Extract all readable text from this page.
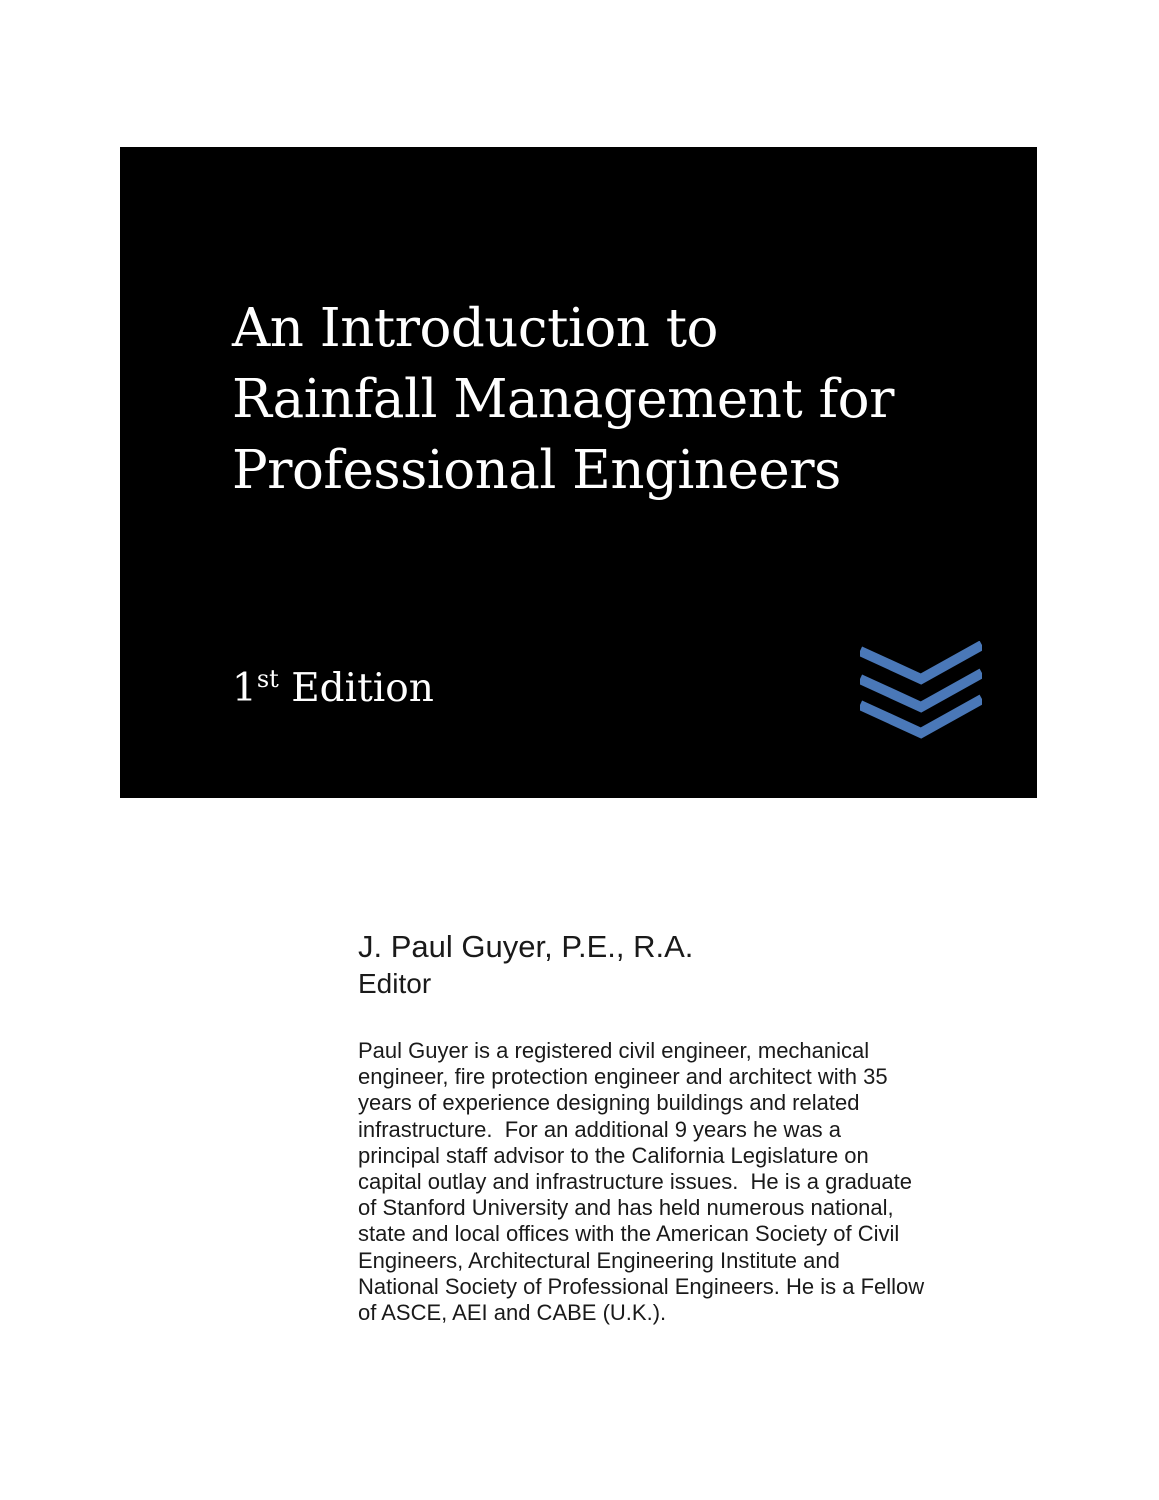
An Introduction to
Rainfall Management for
Professional Engineers
1st Edition
J. Paul Guyer, P.E., R.A.
Editor
Paul Guyer is a registered civil engineer, mechanical
engineer, fire protection engineer and architect with 35
years of experience designing buildings and related
infrastructure.  For an additional 9 years he was a
principal staff advisor to the California Legislature on
capital outlay and infrastructure issues.  He is a graduate
of Stanford University and has held numerous national,
state and local offices with the American Society of Civil
Engineers, Architectural Engineering Institute and
National Society of Professional Engineers. He is a Fellow
of ASCE, AEI and CABE (U.K.).
